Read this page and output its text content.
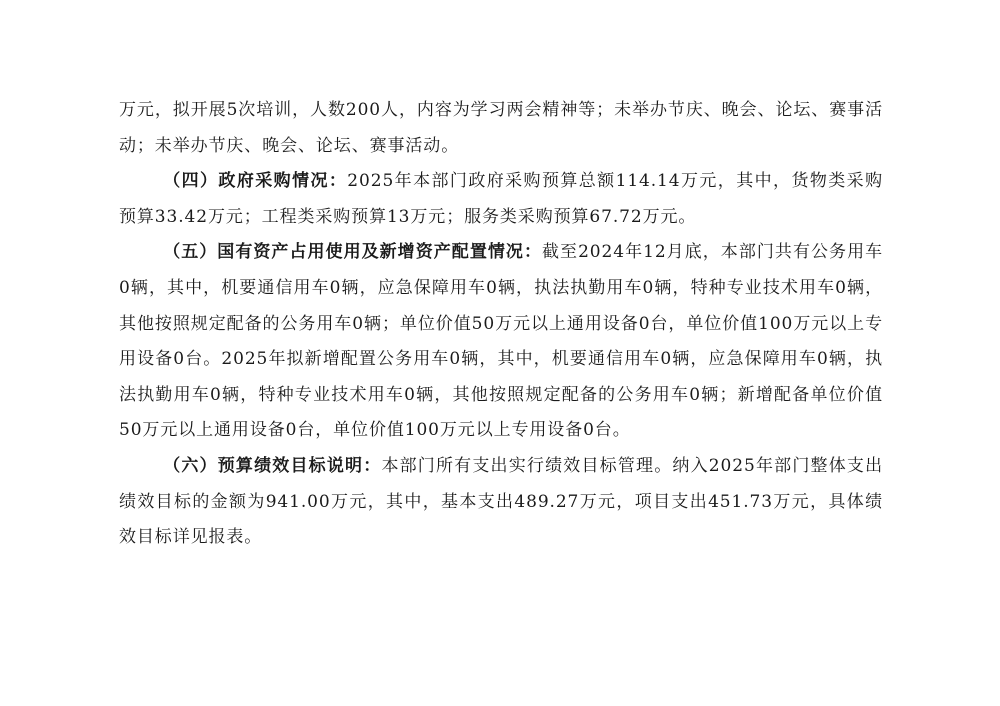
万元，拟开展5次培训，人数200人，内容为学习两会精神等；未举办节庆、晚会、论坛、赛事活动；未举办节庆、晚会、论坛、赛事活动。

（四）政府采购情况：2025年本部门政府采购预算总额114.14万元，其中，货物类采购预算33.42万元；工程类采购预算13万元；服务类采购预算67.72万元。

（五）国有资产占用使用及新增资产配置情况：截至2024年12月底，本部门共有公务用车0辆，其中，机要通信用车0辆，应急保障用车0辆，执法执勤用车0辆，特种专业技术用车0辆，其他按照规定配备的公务用车0辆；单位价值50万元以上通用设备0台，单位价值100万元以上专用设备0台。2025年拟新增配置公务用车0辆，其中，机要通信用车0辆，应急保障用车0辆，执法执勤用车0辆，特种专业技术用车0辆，其他按照规定配备的公务用车0辆；新增配备单位价值50万元以上通用设备0台，单位价值100万元以上专用设备0台。

（六）预算绩效目标说明：本部门所有支出实行绩效目标管理。纳入2025年部门整体支出绩效目标的金额为941.00万元，其中，基本支出489.27万元，项目支出451.73万元，具体绩效目标详见报表。
